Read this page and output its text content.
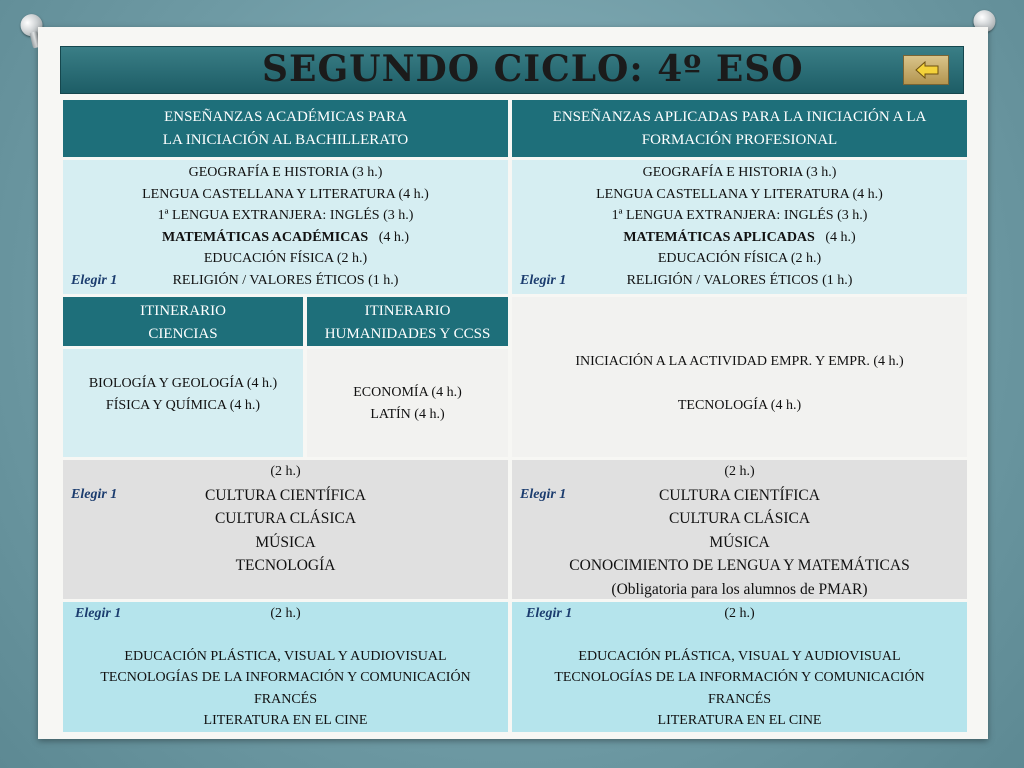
SEGUNDO CICLO: 4º ESO
ENSEÑANZAS ACADÉMICAS PARA
LA INICIACIÓN AL BACHILLERATO
ENSEÑANZAS APLICADAS PARA LA INICIACIÓN A LA
FORMACIÓN PROFESIONAL
GEOGRAFÍA E HISTORIA (3 h.)
LENGUA CASTELLANA Y LITERATURA (4 h.)
1ª LENGUA EXTRANJERA: INGLÉS (3 h.)
MATEMÁTICAS ACADÉMICAS (4 h.)
EDUCACIÓN FÍSICA (2 h.)
RELIGIÓN / VALORES ÉTICOS (1 h.)
Elegir 1
GEOGRAFÍA E HISTORIA (3 h.)
LENGUA CASTELLANA Y LITERATURA (4 h.)
1ª LENGUA EXTRANJERA: INGLÉS (3 h.)
MATEMÁTICAS APLICADAS (4 h.)
EDUCACIÓN FÍSICA (2 h.)
RELIGIÓN / VALORES ÉTICOS (1 h.)
Elegir 1
ITINERARIO
CIENCIAS
ITINERARIO
HUMANIDADES Y CCSS
BIOLOGÍA Y GEOLOGÍA (4 h.)
FÍSICA Y QUÍMICA (4 h.)
ECONOMÍA (4 h.)
LATÍN (4 h.)
INICIACIÓN A LA ACTIVIDAD EMPR. Y EMPR. (4 h.)
TECNOLOGÍA (4 h.)
(2 h.)
CULTURA CIENTÍFICA
CULTURA CLÁSICA
MÚSICA
TECNOLOGÍA
Elegir 1
(2 h.)
CULTURA CIENTÍFICA
CULTURA CLÁSICA
MÚSICA
CONOCIMIENTO DE LENGUA Y MATEMÁTICAS
(Obligatoria para los alumnos de PMAR)
Elegir 1
(2 h.)
EDUCACIÓN PLÁSTICA, VISUAL Y AUDIOVISUAL
TECNOLOGÍAS DE LA INFORMACIÓN Y COMUNICACIÓN
FRANCÉS
LITERATURA EN EL CINE
Elegir 1	(2 h.)
EDUCACIÓN PLÁSTICA, VISUAL Y AUDIOVISUAL
TECNOLOGÍAS DE LA INFORMACIÓN Y COMUNICACIÓN
FRANCÉS
LITERATURA EN EL CINE
Elegir 1
